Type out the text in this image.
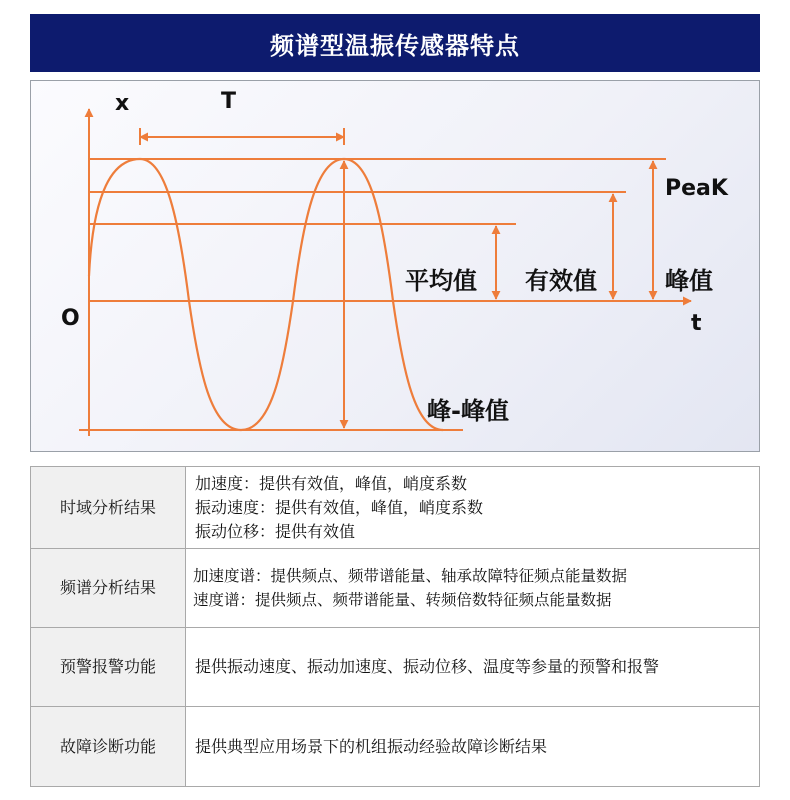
频谱型温振传感器特点
x	T
O	t
PeaK
平均值 有效值	峰值
峰-峰值
时域分析结果	加速度：提供有效值，峰值，峭度系数
振动速度：提供有效值，峰值，峭度系数
振动位移：提供有效值

频谱分析结果	加速度谱：提供频点、频带谱能量、轴承故障特征频点能量数据
速度谱：提供频点、频带谱能量、转频倍数特征频点能量数据

预警报警功能	提供振动速度、振动加速度、振动位移、温度等参量的预警和报警

故障诊断功能	提供典型应用场景下的机组振动经验故障诊断结果
